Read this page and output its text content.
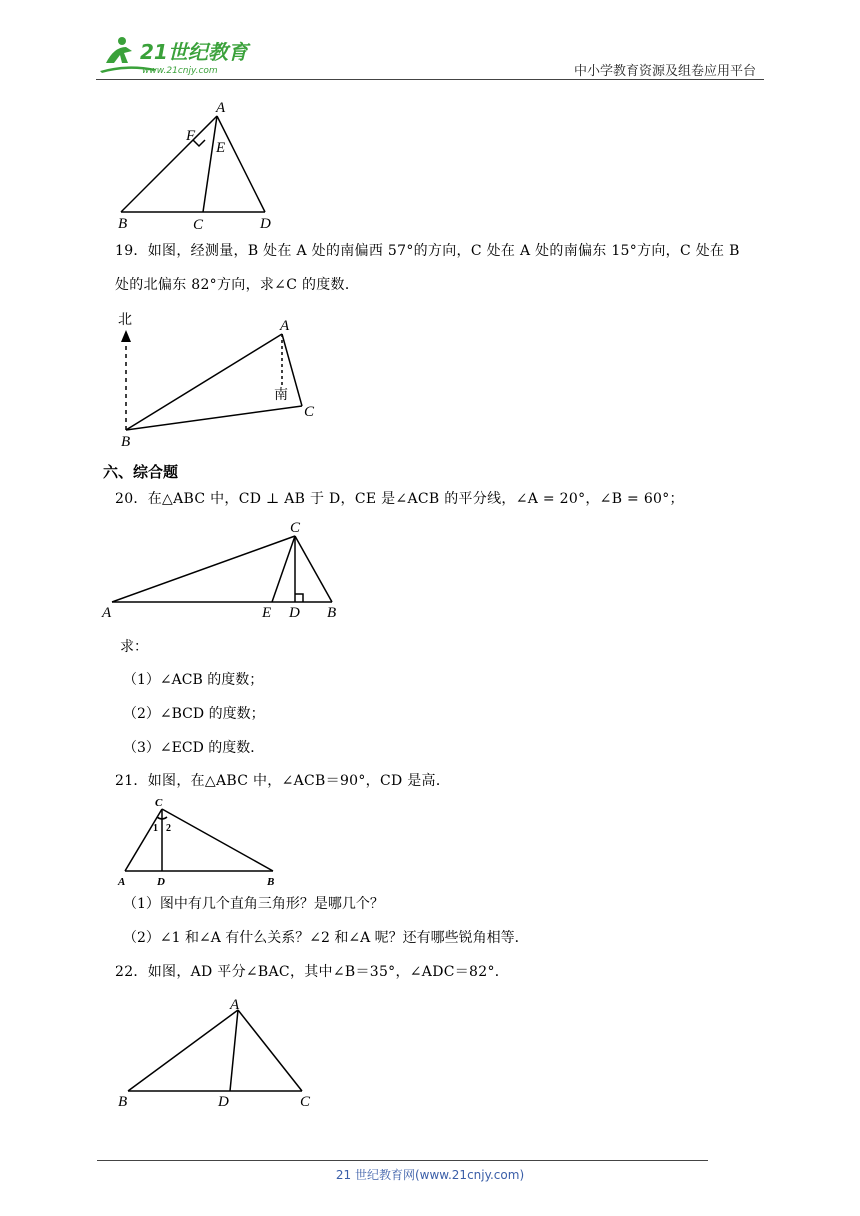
21世纪教育
www.21cnjy.com	中小学教育资源及组卷应用平台
A
F
E
B	C	D
19．如图，经测量，B 处在 A 处的南偏西 57°的方向，C 处在 A 处的南偏东 15°方向，C 处在 B
处的北偏东 82°方向，求∠C 的度数．
北
南
A
C
B
六、综合题
20．在△ABC 中，CD ⊥ AB 于 D，CE 是∠ACB 的平分线，∠A = 20°，∠B = 60°；
C
A	E D B
求：
（1）∠ACB 的度数；
（2）∠BCD 的度数；
（3）∠ECD 的度数．
21．如图，在△ABC 中，∠ACB＝90°，CD 是高．
C
1 2
A	D	B
（1）图中有几个直角三角形？是哪几个？
（2）∠1 和∠A 有什么关系？∠2 和∠A 呢？还有哪些锐角相等．
22．如图，AD 平分∠BAC，其中∠B＝35°，∠ADC＝82°．
A
B	D	C
21 世纪教育网(www.21cnjy.com)
